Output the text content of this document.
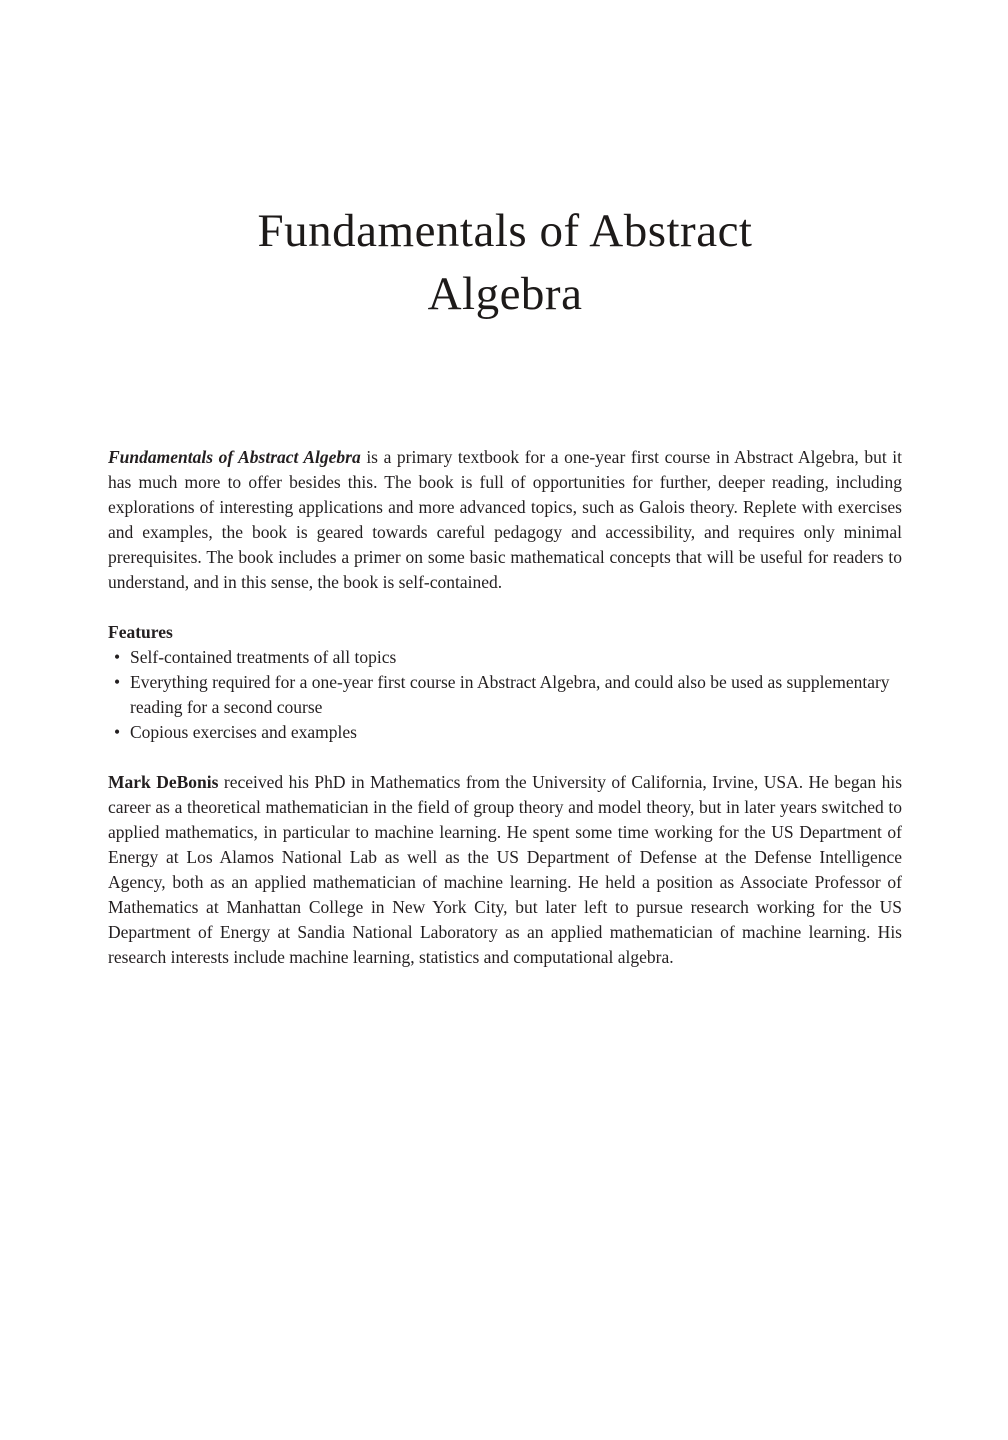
Fundamentals of Abstract
Algebra

Fundamentals of Abstract Algebra is a primary textbook for a one-year first course in Abstract Algebra, but it has much more to offer besides this. The book is full of opportunities for further, deeper reading, including explorations of interesting applications and more advanced topics, such as Galois theory. Replete with exercises and examples, the book is geared towards careful pedagogy and accessibility, and requires only minimal prerequisites. The book includes a primer on some basic mathematical concepts that will be useful for readers to understand, and in this sense, the book is self-contained.

Features
• Self-contained treatments of all topics
• Everything required for a one-year first course in Abstract Algebra, and could also be used as supplementary reading for a second course
• Copious exercises and examples

Mark DeBonis received his PhD in Mathematics from the University of California, Irvine, USA. He began his career as a theoretical mathematician in the field of group theory and model theory, but in later years switched to applied mathematics, in particular to machine learning. He spent some time working for the US Department of Energy at Los Alamos National Lab as well as the US Department of Defense at the Defense Intelligence Agency, both as an applied mathematician of machine learning. He held a position as Associate Professor of Mathematics at Manhattan College in New York City, but later left to pursue research working for the US Department of Energy at Sandia National Laboratory as an applied mathematician of machine learning. His research interests include machine learning, statistics and computational algebra.
